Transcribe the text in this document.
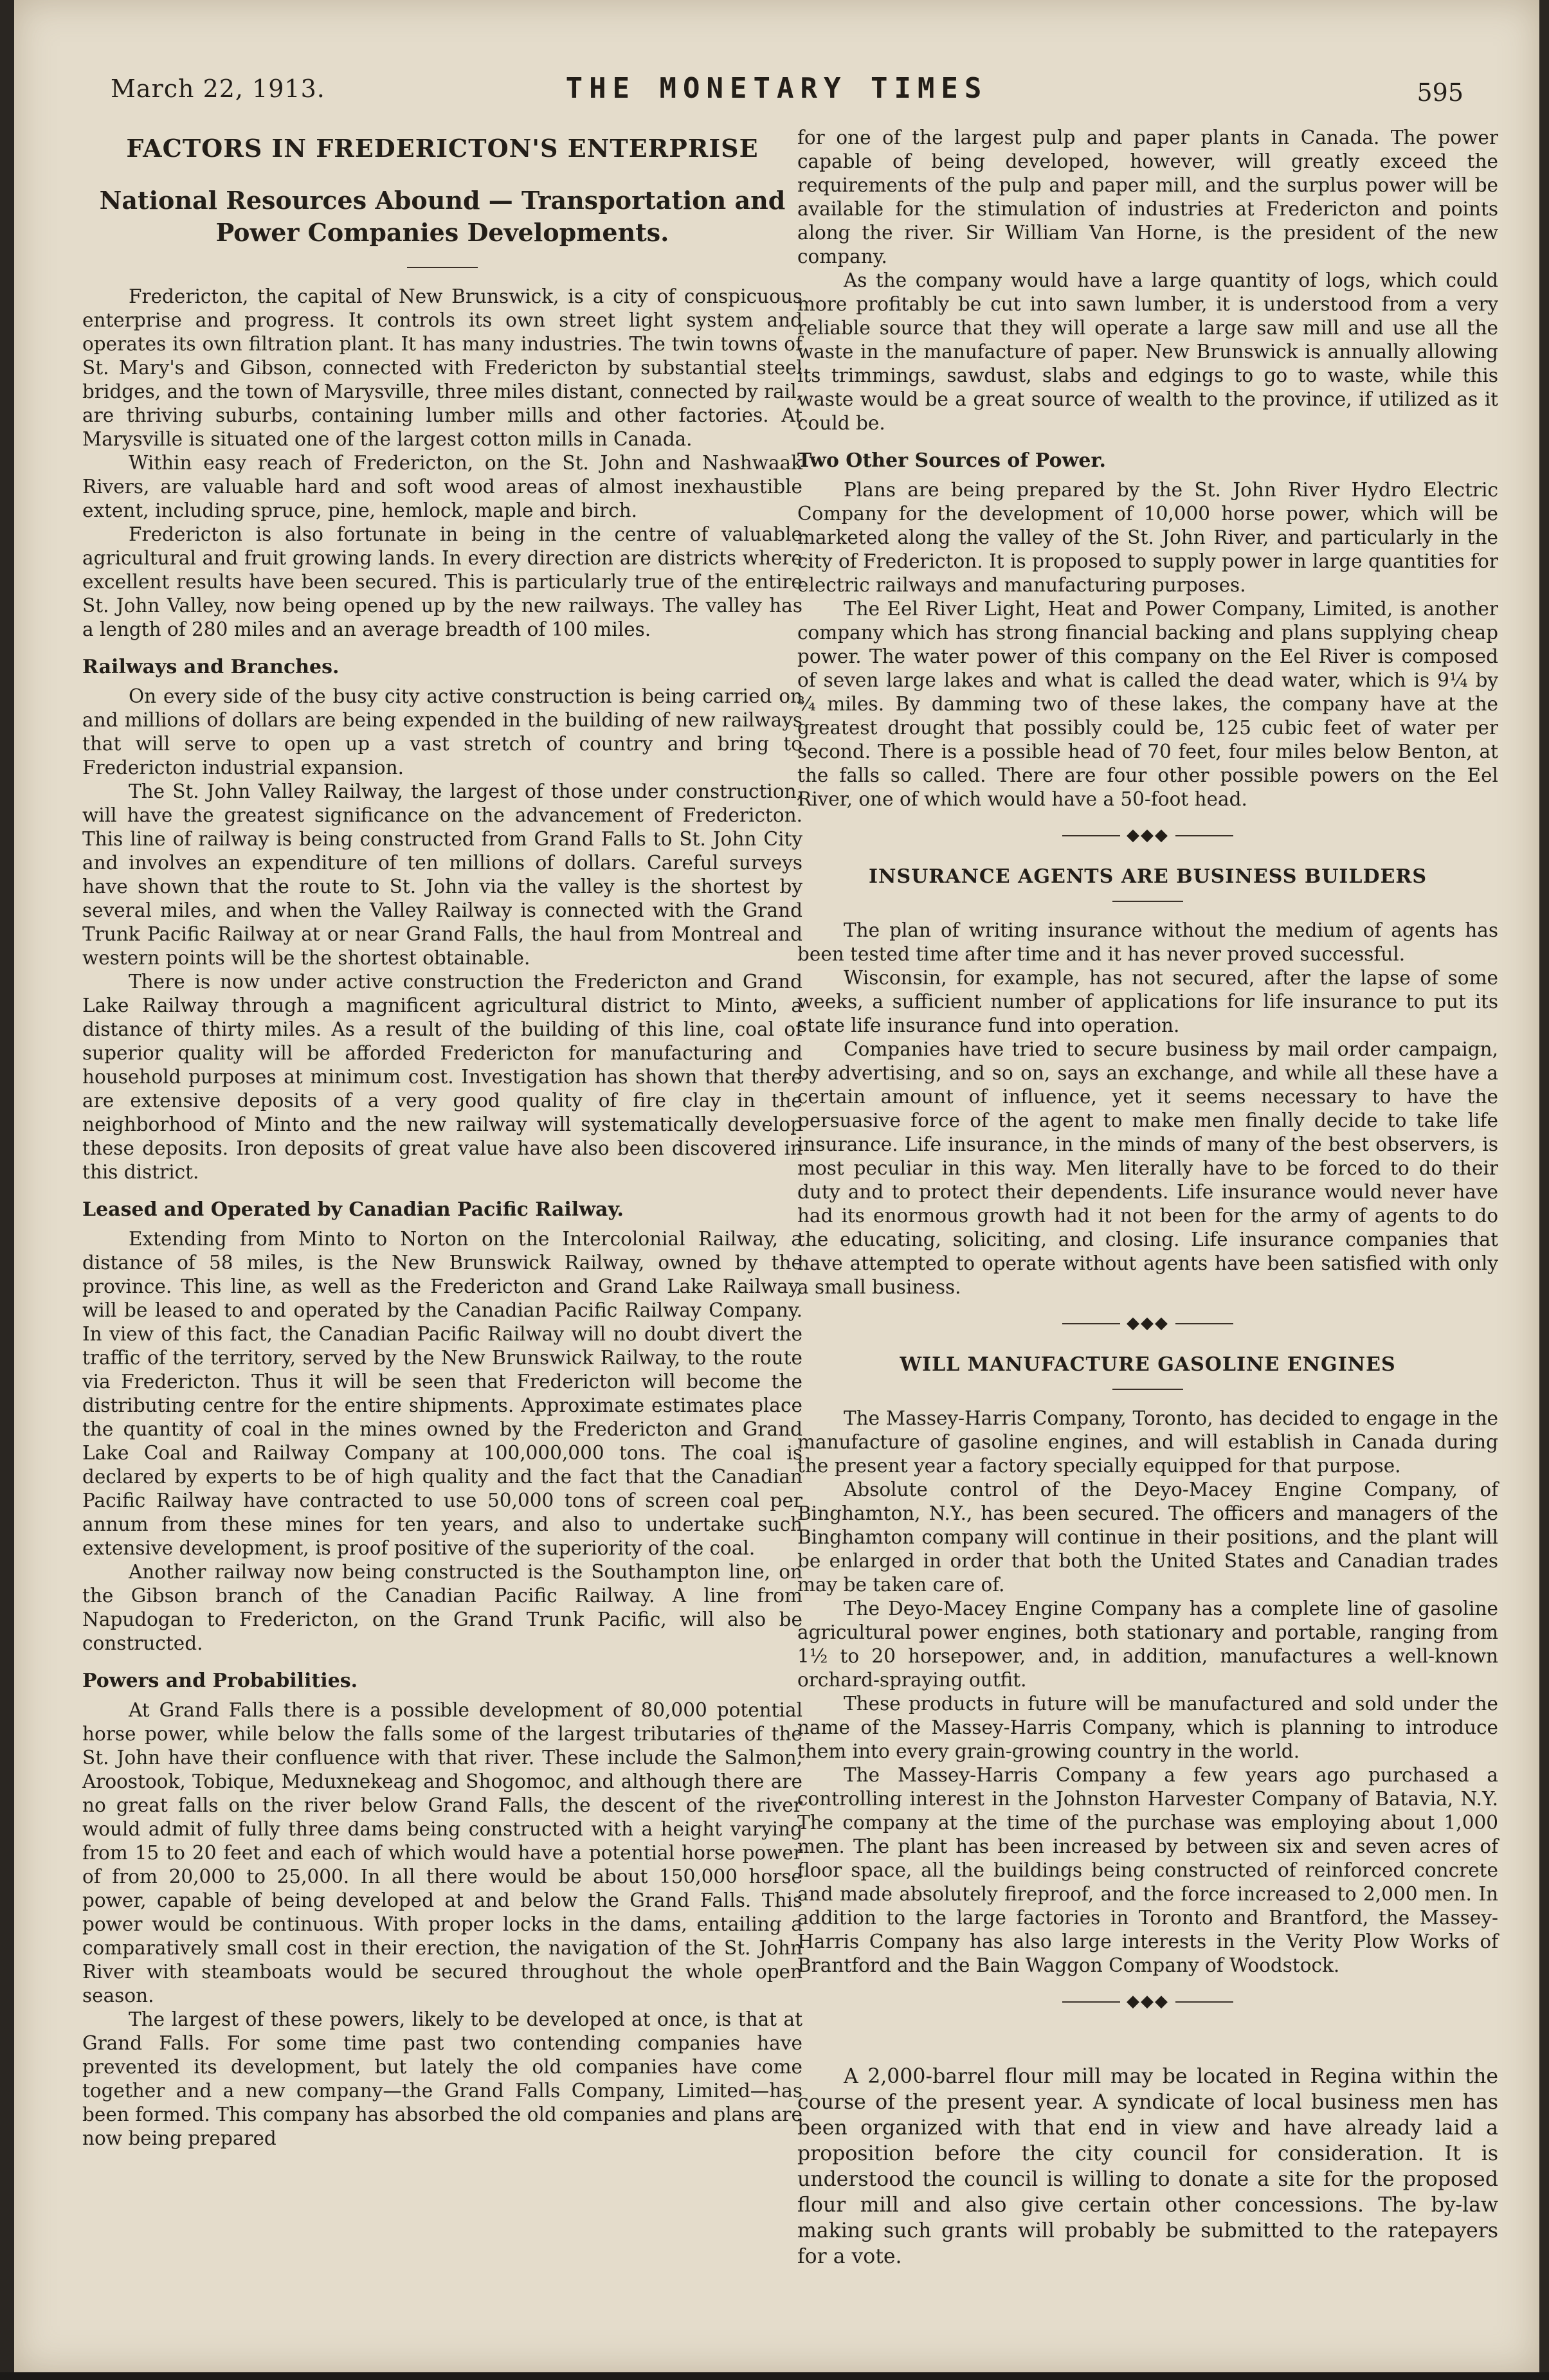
March 22, 1913.	THE MONETARY TIMES	595
FACTORS IN FREDERICTON'S ENTERPRISE
National Resources Abound — Transportation and Power Companies Developments.

Fredericton, the capital of New Brunswick, is a city of conspicuous enterprise and progress. It controls its own street light system and operates its own filtration plant. It has many industries. The twin towns of St. Mary's and Gibson, connected with Fredericton by substantial steel bridges, and the town of Marysville, three miles distant, connected by rail, are thriving suburbs, containing lumber mills and other factories. At Marysville is situated one of the largest cotton mills in Canada.

Within easy reach of Fredericton, on the St. John and Nashwaak Rivers, are valuable hard and soft wood areas of almost inexhaustible extent, including spruce, pine, hemlock, maple and birch.

Fredericton is also fortunate in being in the centre of valuable agricultural and fruit growing lands. In every direction are districts where excellent results have been secured. This is particularly true of the entire St. John Valley, now being opened up by the new railways. The valley has a length of 280 miles and an average breadth of 100 miles.

Railways and Branches.

On every side of the busy city active construction is being carried on and millions of dollars are being expended in the building of new railways that will serve to open up a vast stretch of country and bring to Fredericton industrial expansion.

The St. John Valley Railway, the largest of those under construction, will have the greatest significance on the advancement of Fredericton. This line of railway is being constructed from Grand Falls to St. John City and involves an expenditure of ten millions of dollars. Careful surveys have shown that the route to St. John via the valley is the shortest by several miles, and when the Valley Railway is connected with the Grand Trunk Pacific Railway at or near Grand Falls, the haul from Montreal and western points will be the shortest obtainable.

There is now under active construction the Fredericton and Grand Lake Railway through a magnificent agricultural district to Minto, a distance of thirty miles. As a result of the building of this line, coal of superior quality will be afforded Fredericton for manufacturing and household purposes at minimum cost. Investigation has shown that there are extensive deposits of a very good quality of fire clay in the neighborhood of Minto and the new railway will systematically develop these deposits. Iron deposits of great value have also been discovered in this district.

Leased and Operated by Canadian Pacific Railway.

Extending from Minto to Norton on the Intercolonial Railway, a distance of 58 miles, is the New Brunswick Railway, owned by the province. This line, as well as the Fredericton and Grand Lake Railway, will be leased to and operated by the Canadian Pacific Railway Company. In view of this fact, the Canadian Pacific Railway will no doubt divert the traffic of the territory, served by the New Brunswick Railway, to the route via Fredericton. Thus it will be seen that Fredericton will become the distributing centre for the entire shipments. Approximate estimates place the quantity of coal in the mines owned by the Fredericton and Grand Lake Coal and Railway Company at 100,000,000 tons. The coal is declared by experts to be of high quality and the fact that the Canadian Pacific Railway have contracted to use 50,000 tons of screen coal per annum from these mines for ten years, and also to undertake such extensive development, is proof positive of the superiority of the coal.

Another railway now being constructed is the Southampton line, on the Gibson branch of the Canadian Pacific Railway. A line from Napudogan to Fredericton, on the Grand Trunk Pacific, will also be constructed.

Powers and Probabilities.

At Grand Falls there is a possible development of 80,000 potential horse power, while below the falls some of the largest tributaries of the St. John have their confluence with that river. These include the Salmon, Aroostook, Tobique, Meduxnekeag and Shogomoc, and although there are no great falls on the river below Grand Falls, the descent of the river would admit of fully three dams being constructed with a height varying from 15 to 20 feet and each of which would have a potential horse power of from 20,000 to 25,000. In all there would be about 150,000 horse power, capable of being developed at and below the Grand Falls. This power would be continuous. With proper locks in the dams, entailing a comparatively small cost in their erection, the navigation of the St. John River with steamboats would be secured throughout the whole open season.

The largest of these powers, likely to be developed at once, is that at Grand Falls. For some time past two contending companies have prevented its development, but lately the old companies have come together and a new company—the Grand Falls Company, Limited—has been formed. This company has absorbed the old companies and plans are now being prepared

for one of the largest pulp and paper plants in Canada. The power capable of being developed, however, will greatly exceed the requirements of the pulp and paper mill, and the surplus power will be available for the stimulation of industries at Fredericton and points along the river. Sir William Van Horne, is the president of the new company.

As the company would have a large quantity of logs, which could more profitably be cut into sawn lumber, it is understood from a very reliable source that they will operate a large saw mill and use all the waste in the manufacture of paper. New Brunswick is annually allowing its trimmings, sawdust, slabs and edgings to go to waste, while this waste would be a great source of wealth to the province, if utilized as it could be.

Two Other Sources of Power.

Plans are being prepared by the St. John River Hydro Electric Company for the development of 10,000 horse power, which will be marketed along the valley of the St. John River, and particularly in the city of Fredericton. It is proposed to supply power in large quantities for electric railways and manufacturing purposes.

The Eel River Light, Heat and Power Company, Limited, is another company which has strong financial backing and plans supplying cheap power. The water power of this company on the Eel River is composed of seven large lakes and what is called the dead water, which is 9¼ by ¾ miles. By damming two of these lakes, the company have at the greatest drought that possibly could be, 125 cubic feet of water per second. There is a possible head of 70 feet, four miles below Benton, at the falls so called. There are four other possible powers on the Eel River, one of which would have a 50-foot head.

◆◆◆
INSURANCE AGENTS ARE BUSINESS BUILDERS

The plan of writing insurance without the medium of agents has been tested time after time and it has never proved successful.

Wisconsin, for example, has not secured, after the lapse of some weeks, a sufficient number of applications for life insurance to put its state life insurance fund into operation.

Companies have tried to secure business by mail order campaign, by advertising, and so on, says an exchange, and while all these have a certain amount of influence, yet it seems necessary to have the persuasive force of the agent to make men finally decide to take life insurance. Life insurance, in the minds of many of the best observers, is most peculiar in this way. Men literally have to be forced to do their duty and to protect their dependents. Life insurance would never have had its enormous growth had it not been for the army of agents to do the educating, soliciting, and closing. Life insurance companies that have attempted to operate without agents have been satisfied with only a small business.

◆◆◆
WILL MANUFACTURE GASOLINE ENGINES

The Massey-Harris Company, Toronto, has decided to engage in the manufacture of gasoline engines, and will establish in Canada during the present year a factory specially equipped for that purpose.

Absolute control of the Deyo-Macey Engine Company, of Binghamton, N.Y., has been secured. The officers and managers of the Binghamton company will continue in their positions, and the plant will be enlarged in order that both the United States and Canadian trades may be taken care of.

The Deyo-Macey Engine Company has a complete line of gasoline agricultural power engines, both stationary and portable, ranging from 1½ to 20 horsepower, and, in addition, manufactures a well-known orchard-spraying outfit.

These products in future will be manufactured and sold under the name of the Massey-Harris Company, which is planning to introduce them into every grain-growing country in the world.

The Massey-Harris Company a few years ago purchased a controlling interest in the Johnston Harvester Company of Batavia, N.Y. The company at the time of the purchase was employing about 1,000 men. The plant has been increased by between six and seven acres of floor space, all the buildings being constructed of reinforced concrete and made absolutely fireproof, and the force increased to 2,000 men. In addition to the large factories in Toronto and Brantford, the Massey-Harris Company has also large interests in the Verity Plow Works of Brantford and the Bain Waggon Company of Woodstock.

◆◆◆

A 2,000-barrel flour mill may be located in Regina within the course of the present year. A syndicate of local business men has been organized with that end in view and have already laid a proposition before the city council for consideration. It is understood the council is willing to donate a site for the proposed flour mill and also give certain other concessions. The by-law making such grants will probably be submitted to the ratepayers for a vote.
